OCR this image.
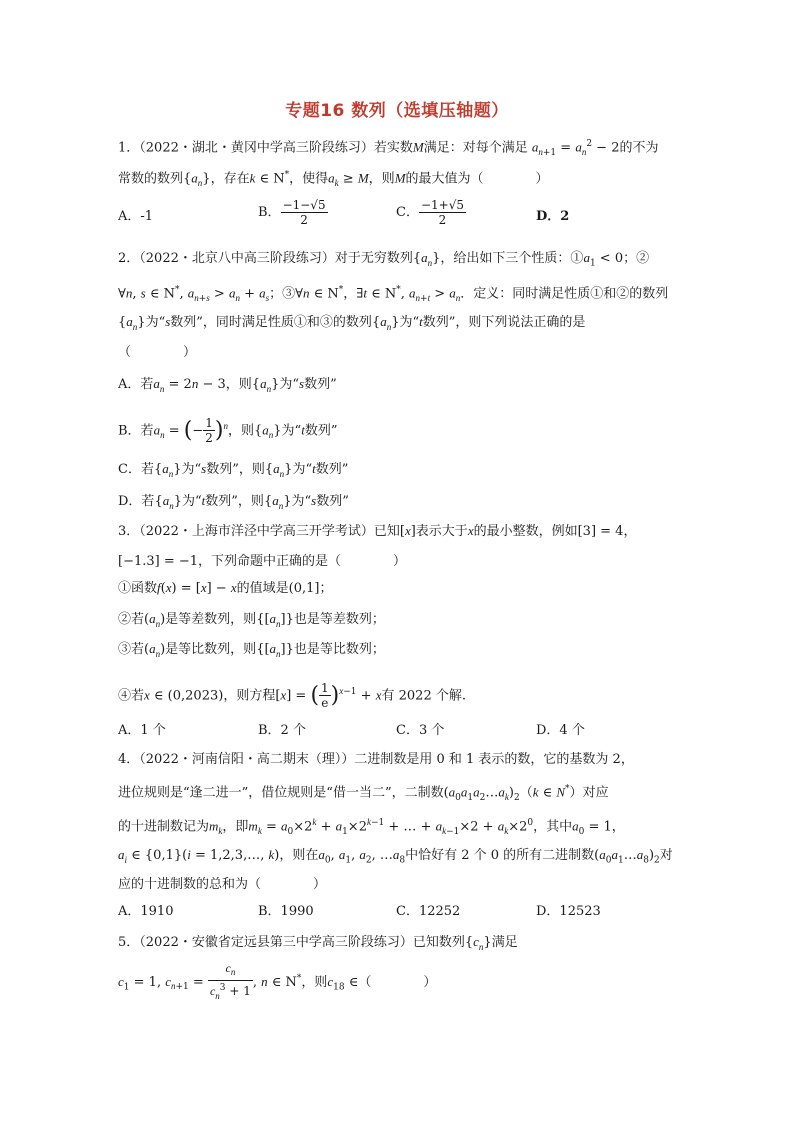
专题16 数列（选填压轴题）
1．（2022・湖北・黄冈中学高三阶段练习）若实数M满足：对每个满足 $a_{n+1} = a_n^2 - 2$的不为
常数的数列$\{a_n\}$，存在k ∈ N*，使得$a_k \ge M$，则M的最大值为（　　　　）
A．-1	B． $\frac{-1-√5}{2}$	C． $\frac{-1+√5}{2}$	D．2
2．（2022・北京八中高三阶段练习）对于无穷数列$\{a_n\}$，给出如下三个性质：$①a_1 < 0$；②
∀n, s ∈ N*, $a_{n+s} > a_n + a_s$；③∀n ∈ N*，∃t ∈ N*, $a_{n+t} > a_n$．定义：同时满足性质①和②的数列
$\{a_n\}$为“s数列”，同时满足性质①和③的数列$\{a_n\}$为“t数列”，则下列说法正确的是
（　　　　）
A．若$a_n = 2n - 3$，则$\{a_n\}$为“s数列”
B．若$a_n$ = (− $\frac{1}{2} )^n$，则$\{a_n\}$为“t数列”
C．若$\{a_n\}$为“s数列”，则$\{a_n\}$为“t数列”
D．若$\{a_n\}$为“t数列”，则$\{a_n\}$为“s数列”
3．（2022・上海市洋泾中学高三开学考试）已知[x]表示大于x的最小整数，例如[3] = 4，
[−1.3] = −1，下列命题中正确的是（　　　　）
①函数f(x) = [x] − x的值域是(0,1]；
②若$(a_n)$是等差数列，则$\{[a_n]\}$也是等差数列；
③若$(a_n)$是等比数列，则$\{[a_n]\}$也是等比数列；
④若x ∈ (0,2023)，则方程[x] = ( $\frac{1}{e} )^{x-1} + x$有 2022 个解.
A．1 个	B．2 个	C．3 个	D．4 个
4．（2022・河南信阳・高二期末（理））二进制数是用 0 和 1 表示的数，它的基数为 2，
进位规则是“逢二进一”，借位规则是“借一当二”，二制数$(a_0a_1a_2\dots a_k)_2(k$ ∈ N*）对应
的十进制数记为$m_k$，即$m_k = a_0\times 2^k + a_1\times 2^{k-1}$ + … + $a_{k-1}\times 2 + a_k\times 2^0$，其中$a_0 = 1$，
$a_i$ ∈ {0,1}(i = 1,2,3,…, k)，则在$a_0$, $a_1$, $a_2$, $\dots a_8$中恰好有 2 个 0 的所有二进制数$(a_0a_1\dots a_8)_2$对
应的十进制数的总和为（　　　　）
A．1910	B．1990	C．12252	D．12523
5．（2022・安徽省定远县第三中学高三阶段练习）已知数列$\{c_n\}$满足
$c_1 = 1$, $c_{n+1} = \frac{c_n}{c_n^3 + 1}$ , n ∈ N*，则$c_{18}$ ∈（　　　　）
